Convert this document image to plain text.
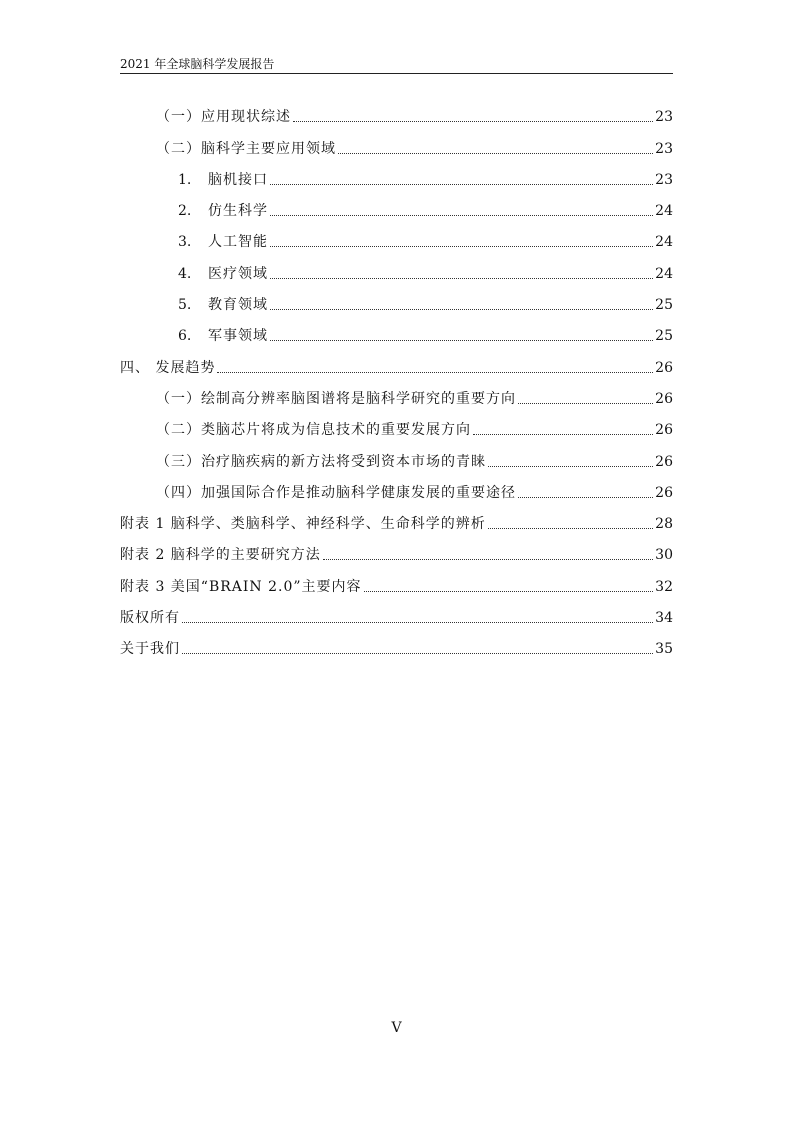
2021 年全球脑科学发展报告
（一）应用现状综述	23
（二）脑科学主要应用领域	23
1.	脑机接口	23
2.	仿生科学	24
3.	人工智能	24
4.	医疗领域	24
5.	教育领域	25
6.	军事领域	25
四、 发展趋势	26
（一）绘制高分辨率脑图谱将是脑科学研究的重要方向	26
（二）类脑芯片将成为信息技术的重要发展方向	26
（三）治疗脑疾病的新方法将受到资本市场的青睐	26
（四）加强国际合作是推动脑科学健康发展的重要途径	26
附表 1 脑科学、类脑科学、神经科学、生命科学的辨析	28
附表 2 脑科学的主要研究方法	30
附表 3 美国“BRAIN 2.0”主要内容	32
版权所有	34
关于我们	35
V
